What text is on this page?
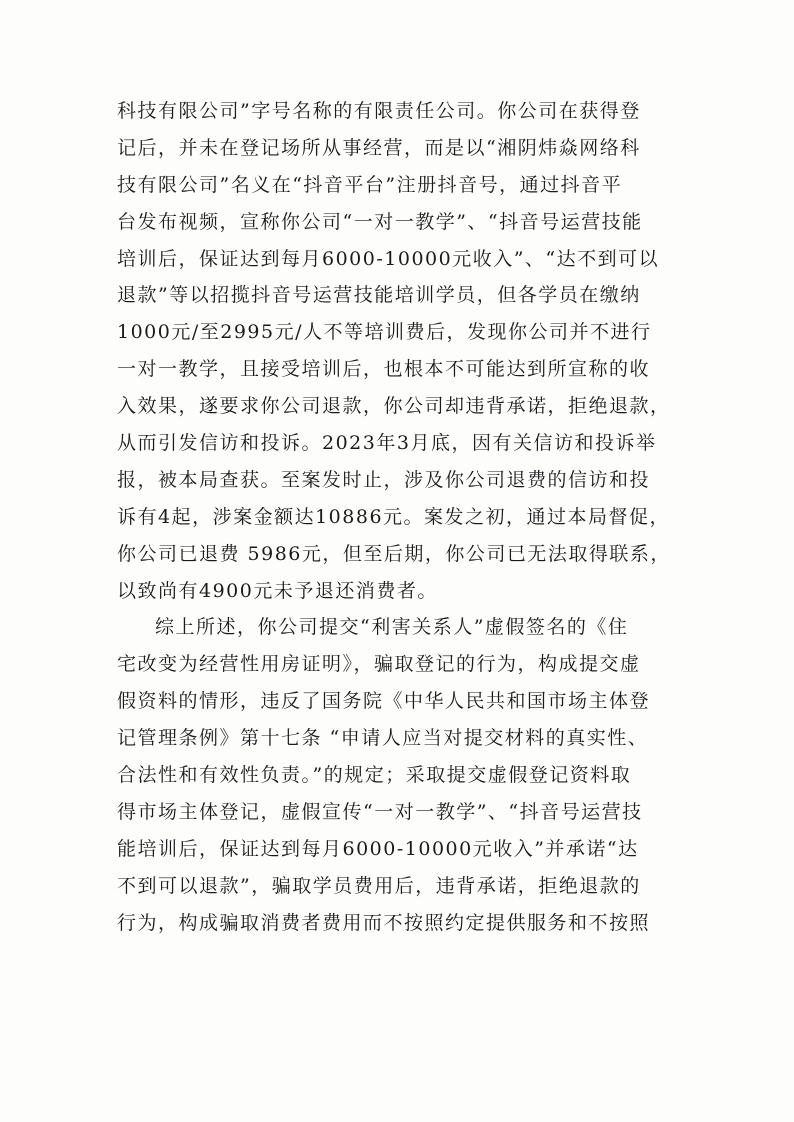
科技有限公司”字号名称的有限责任公司。你公司在获得登
记后，并未在登记场所从事经营，而是以“湘阴炜焱网络科
技有限公司”名义在“抖音平台”注册抖音号，通过抖音平
台发布视频，宣称你公司“一对一教学”、“抖音号运营技能
培训后，保证达到每月6000-10000元收入”、“达不到可以
退款”等以招揽抖音号运营技能培训学员，但各学员在缴纳
1000元/至2995元/人不等培训费后，发现你公司并不进行
一对一教学，且接受培训后，也根本不可能达到所宣称的收
入效果，遂要求你公司退款，你公司却违背承诺，拒绝退款，
从而引发信访和投诉。2023年3月底，因有关信访和投诉举
报，被本局查获。至案发时止，涉及你公司退费的信访和投
诉有4起，涉案金额达10886元。案发之初，通过本局督促，
你公司已退费 5986元，但至后期，你公司已无法取得联系，
以致尚有4900元未予退还消费者。
综上所述，你公司提交“利害关系人”虚假签名的《住
宅改变为经营性用房证明》，骗取登记的行为，构成提交虚
假资料的情形，违反了国务院《中华人民共和国市场主体登
记管理条例》第十七条 “申请人应当对提交材料的真实性、
合法性和有效性负责。”的规定；采取提交虚假登记资料取
得市场主体登记，虚假宣传“一对一教学”、“抖音号运营技
能培训后，保证达到每月6000-10000元收入”并承诺“达
不到可以退款”，骗取学员费用后，违背承诺，拒绝退款的
行为，构成骗取消费者费用而不按照约定提供服务和不按照
